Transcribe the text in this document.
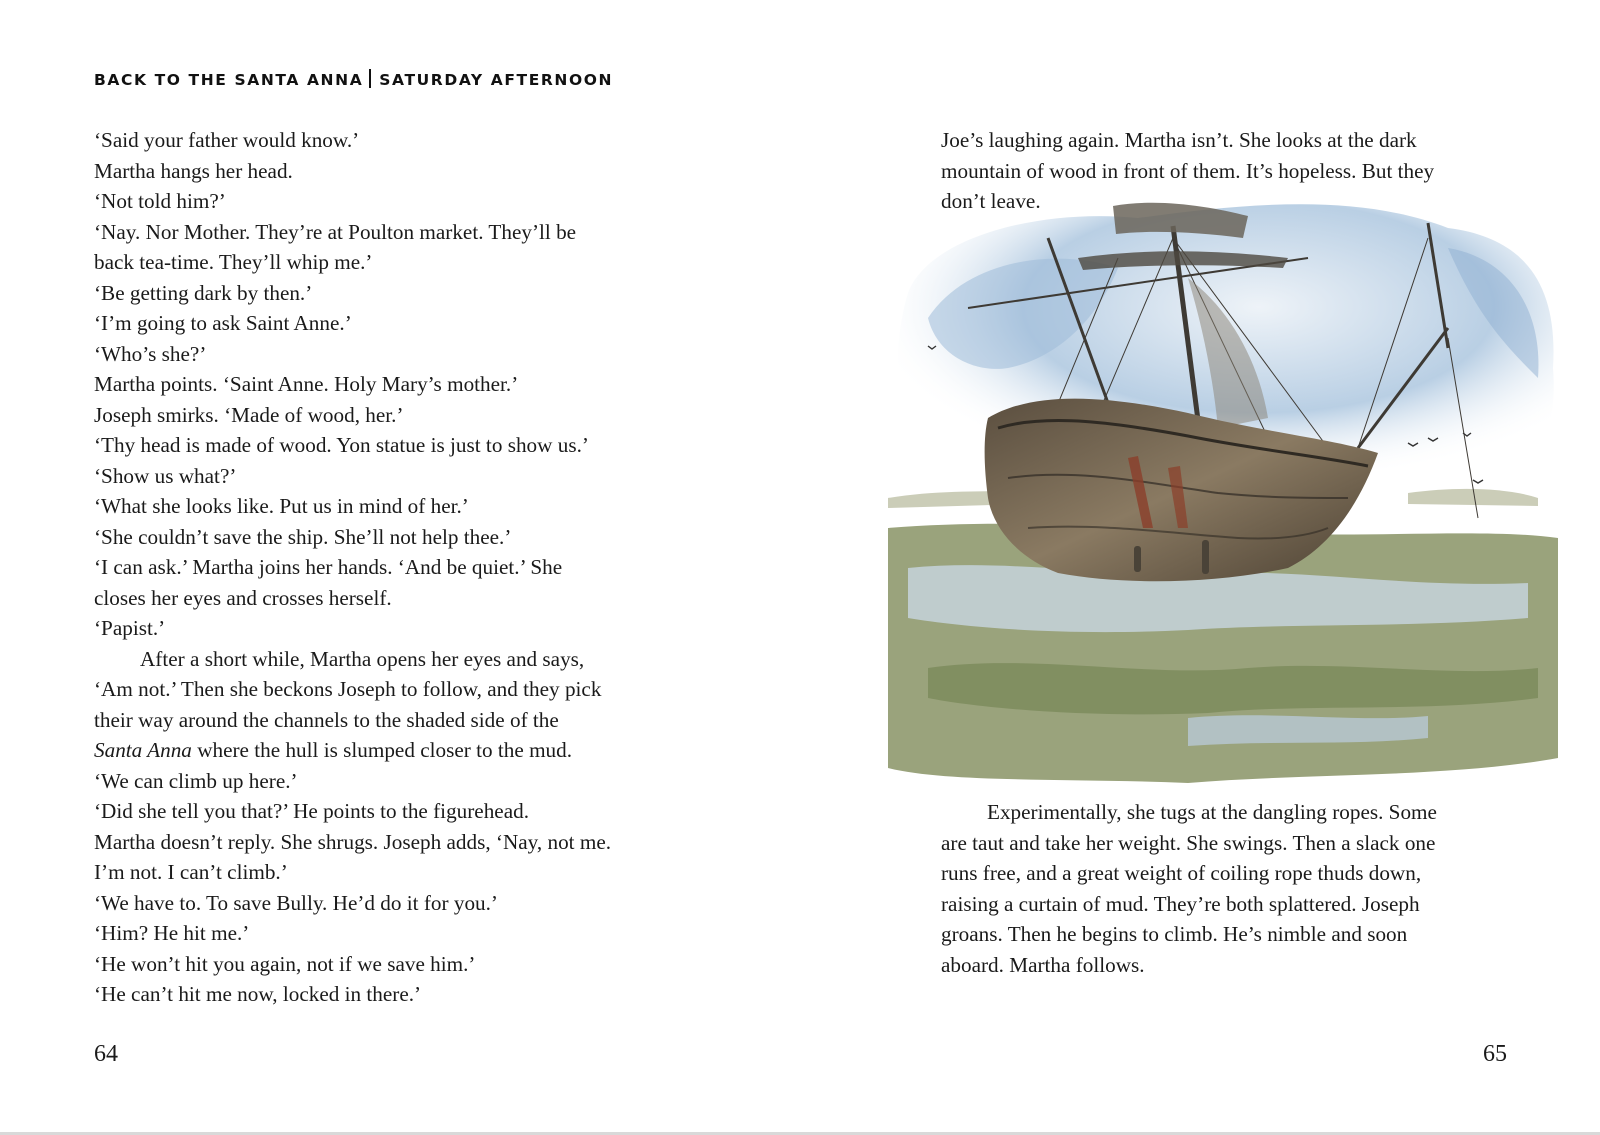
BACK TO THE SANTA ANNA SATURDAY AFTERNOON
‘Said your father would know.’
Martha hangs her head.
‘Not told him?’
‘Nay. Nor Mother. They’re at Poulton market. They’ll be
back tea-time. They’ll whip me.’
‘Be getting dark by then.’
‘I’m going to ask Saint Anne.’
‘Who’s she?’
Martha points. ‘Saint Anne. Holy Mary’s mother.’
Joseph smirks. ‘Made of wood, her.’
‘Thy head is made of wood. Yon statue is just to show us.’
‘Show us what?’
‘What she looks like. Put us in mind of her.’
‘She couldn’t save the ship. She’ll not help thee.’
‘I can ask.’ Martha joins her hands. ‘And be quiet.’ She
closes her eyes and crosses herself.
‘Papist.’
After a short while, Martha opens her eyes and says,
‘Am not.’ Then she beckons Joseph to follow, and they pick
their way around the channels to the shaded side of the
Santa Anna where the hull is slumped closer to the mud.
‘We can climb up here.’
‘Did she tell you that?’ He points to the figurehead.
Martha doesn’t reply. She shrugs. Joseph adds, ‘Nay, not me.
I’m not. I can’t climb.’
‘We have to. To save Bully. He’d do it for you.’
‘Him? He hit me.’
‘He won’t hit you again, not if we save him.’
‘He can’t hit me now, locked in there.’
64
Joe’s laughing again. Martha isn’t. She looks at the dark
mountain of wood in front of them. It’s hopeless. But they
don’t leave.
Experimentally, she tugs at the dangling ropes. Some
are taut and take her weight. She swings. Then a slack one
runs free, and a great weight of coiling rope thuds down,
raising a curtain of mud. They’re both splattered. Joseph
groans. Then he begins to climb. He’s nimble and soon
aboard. Martha follows.
65
